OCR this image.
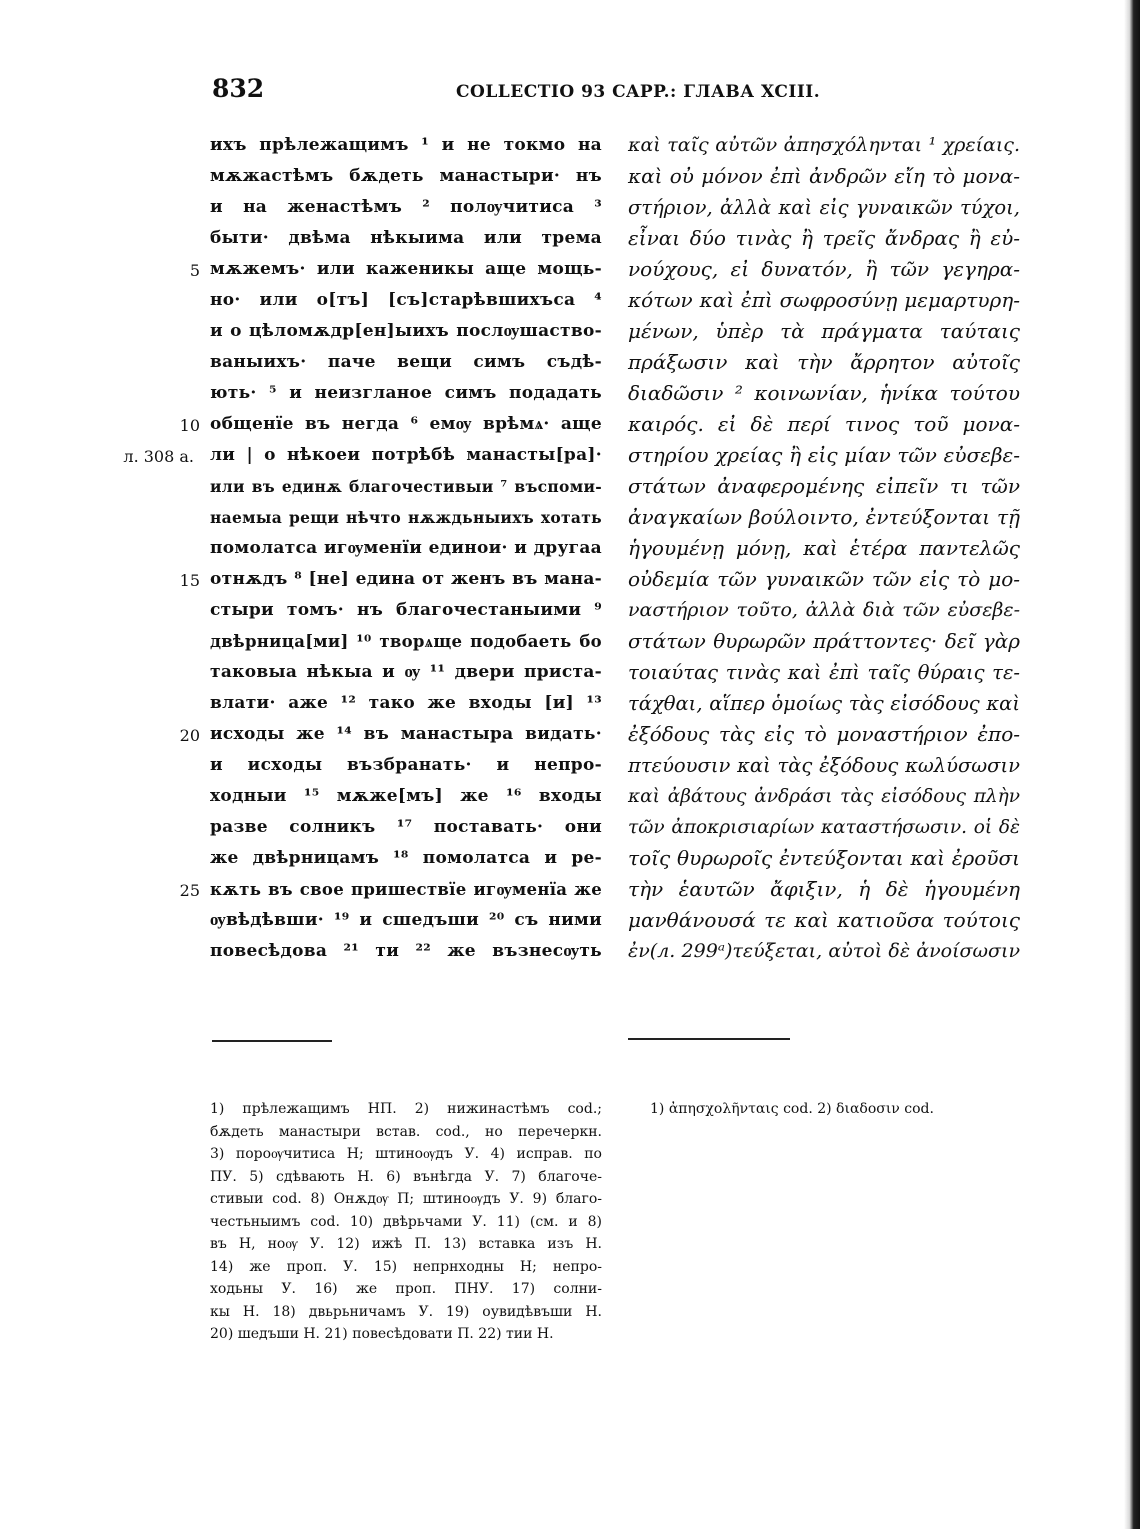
832	COLLECTIO 93 CAPP.: ГЛАВА XCIII.
ихъ прѣлежащимъ ¹ и не токмо на
мѫжастѣмъ бѫдеть манастыри· нъ
и на женастѣмъ ² полѹчитиса ³
быти· двѣма нѣкыима или трема
мѫжемъ· или каженикы аще мощь-
но· или о[тъ] [съ]старѣвшихъса ⁴
и о цѣломѫдр[ен]ыихъ послѹшаство-
ваныихъ· паче вещи симъ съдѣ-
ють· ⁵ и неизгланое симъ подадать
общенїе въ негда ⁶ емѹ врѣмѧ· аще
ли | о нѣкоеи потрѣбѣ манасты[ра]·
или въ единѫ благочестивыи ⁷ въспоми-
наемыа рещи нѣчто нѫждьныихъ хотать
помолатса игѹменїи единои· и другаа
отнѫдъ ⁸ [не] едина от женъ въ мана-
стыри томъ· нъ благочестаныими ⁹
двѣрница[ми] ¹⁰ творѧще подобаеть бо
таковыа нѣкыа и ѹ ¹¹ двери приста-
влати· аже ¹² тако же входы [и] ¹³
исходы же ¹⁴ въ манастыра видать·
и исходы възбранать· и непро-
ходныи ¹⁵ мѫже[мъ] же ¹⁶ входы
разве солникъ ¹⁷ поставать· они
же двѣрницамъ ¹⁸ помолатса и ре-
кѫть въ свое пришествїе игѹменїа же
ѹвѣдѣвши· ¹⁹ и сшедъши ²⁰ съ ними
повесѣдова ²¹ ти ²² же възнесѹть
καὶ ταῖς αὐτῶν ἀπησχόληνται ¹ χρείαις.
καὶ οὐ μόνον ἐπὶ ἀνδρῶν εἴη τὸ μονα-
στήριον, ἀλλὰ καὶ εἰς γυναικῶν τύχοι,
εἶναι δύο τινὰς ἢ τρεῖς ἄνδρας ἢ εὐ-
νούχους, εἰ δυνατόν, ἢ τῶν γεγηρα-
κότων καὶ ἐπὶ σωφροσύνῃ μεμαρτυρη-
μένων, ὑπὲρ τὰ πράγματα ταύταις
πράξωσιν καὶ τὴν ἄρρητον αὐτοῖς
διαδῶσιν ² κοινωνίαν, ἡνίκα τούτου
καιρός. εἰ δὲ περί τινος τοῦ μονα-
στηρίου χρείας ἢ εἰς μίαν τῶν εὐσεβε-
στάτων ἀναφερομένης εἰπεῖν τι τῶν
ἀναγκαίων βούλοιντο, ἐντεύξονται τῇ
ἡγουμένῃ μόνῃ, καὶ ἑτέρα παντελῶς
οὐδεμία τῶν γυναικῶν τῶν εἰς τὸ μο-
ναστήριον τοῦτο, ἀλλὰ διὰ τῶν εὐσεβε-
στάτων θυρωρῶν πράττοντες· δεῖ γὰρ
τοιαύτας τινὰς καὶ ἐπὶ ταῖς θύραις τε-
τάχθαι, αἵπερ ὁμοίως τὰς εἰσόδους καὶ
ἐξόδους τὰς εἰς τὸ μοναστήριον ἐπο-
πτεύουσιν καὶ τὰς ἐξόδους κωλύσωσιν
καὶ ἀβάτους ἀνδράσι τὰς εἰσόδους πλὴν
τῶν ἀποκρισιαρίων καταστήσωσιν. οἱ δὲ
τοῖς θυρωροῖς ἐντεύξονται καὶ ἐροῦσι
τὴν ἑαυτῶν ἄφιξιν, ἡ δὲ ἡγουμένη
μανθάνουσά τε καὶ κατιοῦσα τούτοις
ἐν(л. 299ᵃ)τεύξεται, αὐτοὶ δὲ ἀνοίσωσιν
1) прѣлежащимъ НП. 2) нижинастѣмъ cod.;
бѫдеть манастыри встав. cod., но перечеркн.
3) пороѹчитиса Н; штиноѹдъ У. 4) исправ. по
ПУ. 5) сдѣвають Н. 6) вънѣгда У. 7) благоче-
стивыи cod. 8) Онѫдѹ П; штиноѹдъ У. 9) благо-
честьныимъ cod. 10) двѣрьчами У. 11) (см. и 8)
въ Н, ноѹ У. 12) ижѣ П. 13) вставка изъ Н.
14) же проп. У. 15) непрнходны Н; непро-
ходьны У. 16) же проп. ПНУ. 17) солни-
кы Н. 18) двьрьничамъ У. 19) оувидѣвъши Н.
20) шедъши Н. 21) повесѣдовати П. 22) тии Н.
1) ἀπησχολῆνταις cod. 2) διαδοσιν cod.
5
10
15
20
25
л. 308 а.
